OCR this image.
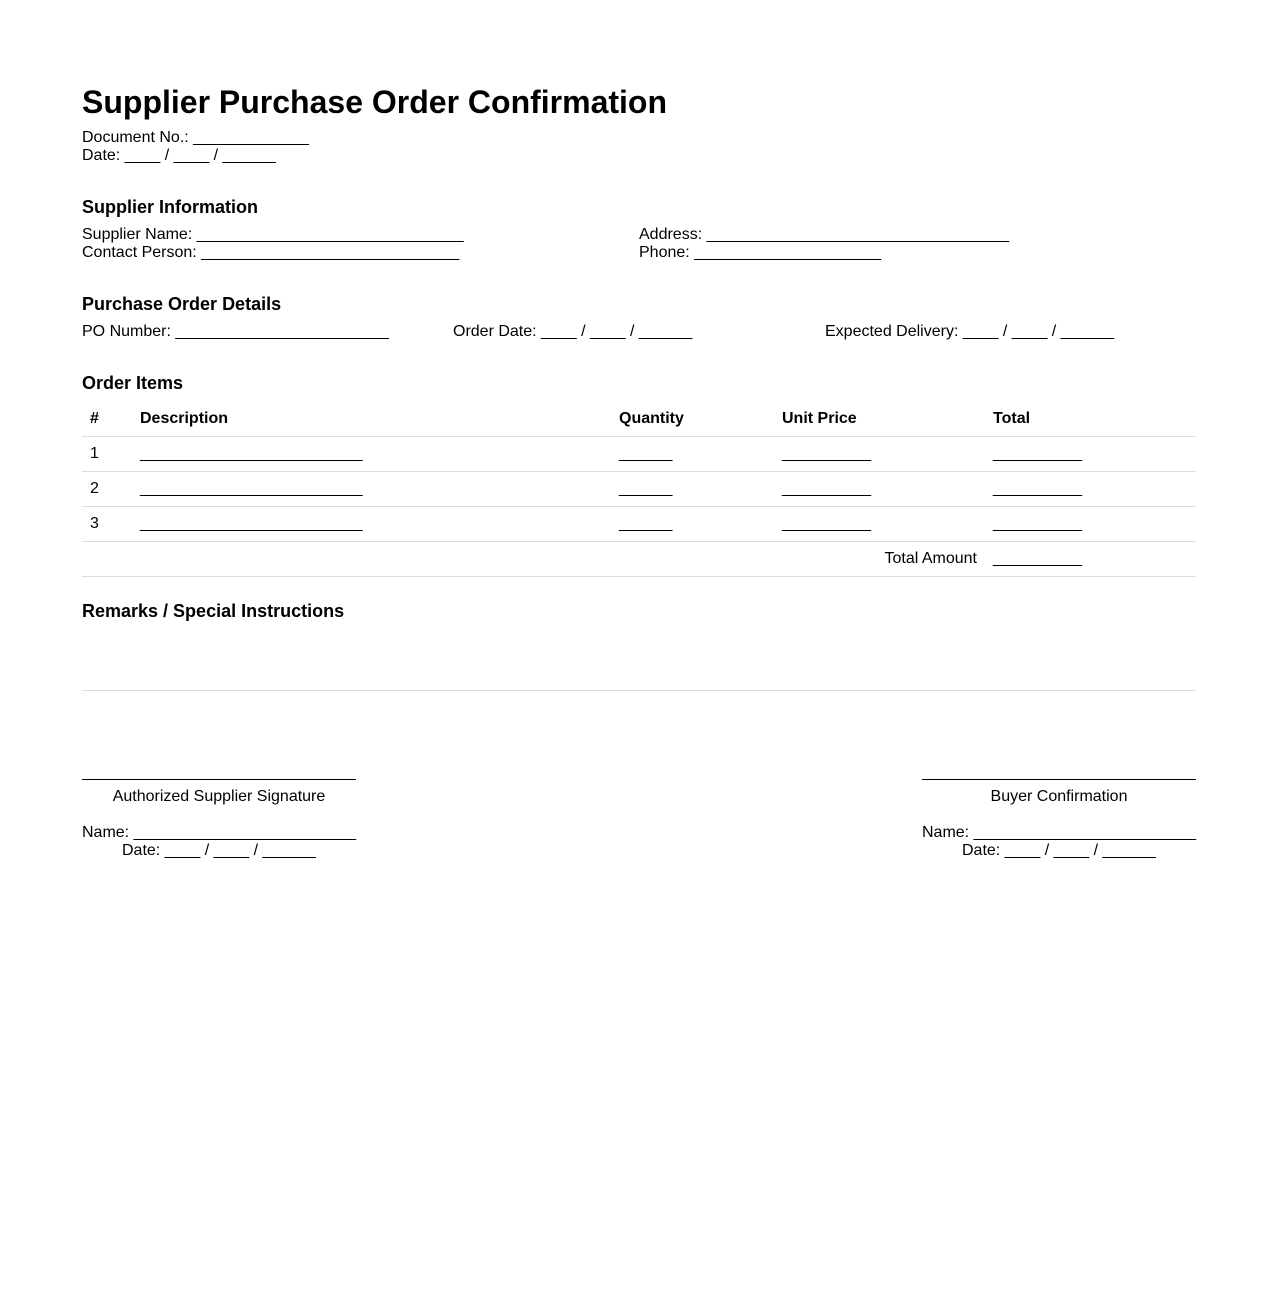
Supplier Purchase Order Confirmation
Document No.: _____________
Date: ____ / ____ / ______
Supplier Information
Supplier Name: ______________________________
Contact Person: _____________________________
Address: __________________________________
Phone: _____________________
Purchase Order Details
PO Number: ________________________	Order Date: ____ / ____ / ______	Expected Delivery: ____ / ____ / ______
Order Items
#	Description	Quantity	Unit Price	Total
1	_________________________	______	__________	__________
2	_________________________	______	__________	__________
3	_________________________	______	__________	__________
Total Amount __________
Remarks / Special Instructions
Authorized Supplier Signature
Name: _________________________
Date: ____ / ____ / ______
Buyer Confirmation
Name: _________________________
Date: ____ / ____ / ______
